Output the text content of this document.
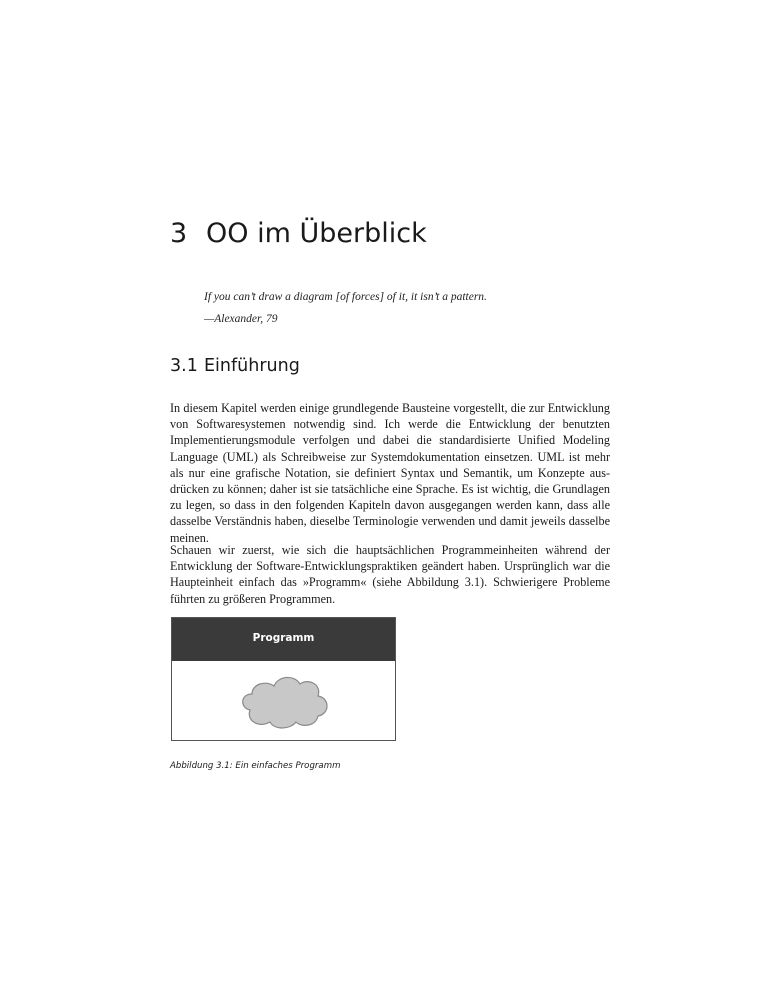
3 OO im Überblick

If you can’t draw a diagram [of forces] of it, it isn’t a pattern.

—Alexander, 79

3.1 Einführung

In diesem Kapitel werden einige grundlegende Bausteine vorgestellt, die zur Entwicklung von Softwaresystemen notwendig sind. Ich werde die Entwicklung der benutzten Implementierungsmodule verfolgen und dabei die standardisierte Unified Modeling Language (UML) als Schreibweise zur Systemdokumentation einsetzen. UML ist mehr als nur eine grafische Notation, sie definiert Syntax und Semantik, um Konzepte ausdrücken zu können; daher ist sie tatsächliche eine Sprache. Es ist wichtig, die Grundlagen zu legen, so dass in den folgenden Kapiteln davon ausgegangen werden kann, dass alle dasselbe Verständnis haben, dieselbe Terminologie verwenden und damit jeweils dasselbe meinen.

Schauen wir zuerst, wie sich die hauptsächlichen Programmeinheiten während der Entwicklung der Software-Entwicklungspraktiken geändert haben. Ursprünglich war die Haupteinheit einfach das »Programm« (siehe Abbildung 3.1). Schwierigere Probleme führten zu größeren Programmen.

Programm
Abbildung 3.1: Ein einfaches Programm
